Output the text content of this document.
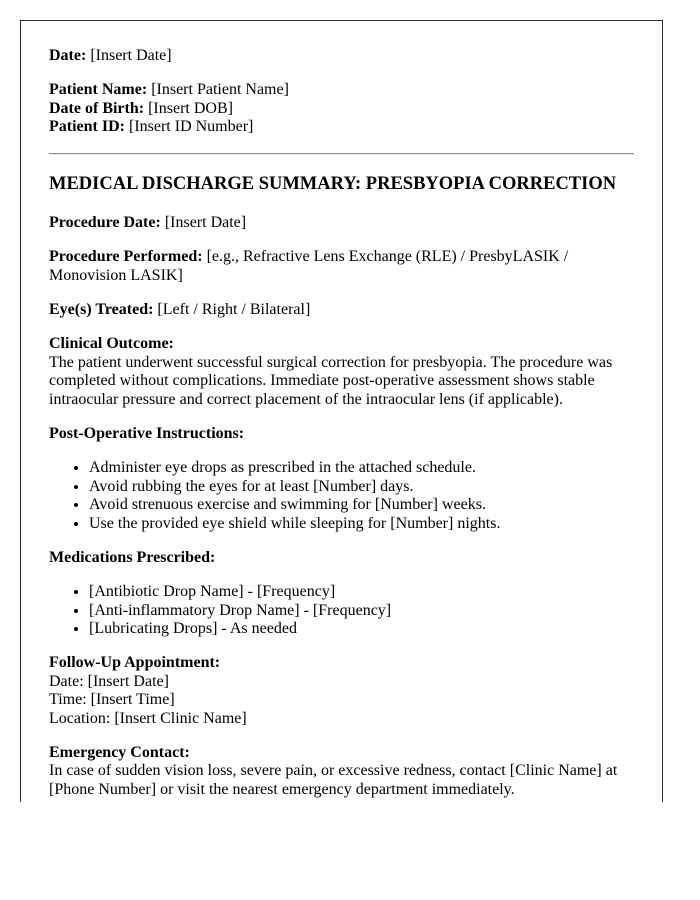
Date: [Insert Date]

Patient Name: [Insert Patient Name]
Date of Birth: [Insert DOB]
Patient ID: [Insert ID Number]

MEDICAL DISCHARGE SUMMARY: PRESBYOPIA CORRECTION

Procedure Date: [Insert Date]

Procedure Performed: [e.g., Refractive Lens Exchange (RLE) / PresbyLASIK / Monovision LASIK]

Eye(s) Treated: [Left / Right / Bilateral]

Clinical Outcome:
The patient underwent successful surgical correction for presbyopia. The procedure was completed without complications. Immediate post-operative assessment shows stable intraocular pressure and correct placement of the intraocular lens (if applicable).

Post-Operative Instructions:

• Administer eye drops as prescribed in the attached schedule.
• Avoid rubbing the eyes for at least [Number] days.
• Avoid strenuous exercise and swimming for [Number] weeks.
• Use the provided eye shield while sleeping for [Number] nights.

Medications Prescribed:

• [Antibiotic Drop Name] - [Frequency]
• [Anti-inflammatory Drop Name] - [Frequency]
• [Lubricating Drops] - As needed

Follow-Up Appointment:
Date: [Insert Date]
Time: [Insert Time]
Location: [Insert Clinic Name]

Emergency Contact:
In case of sudden vision loss, severe pain, or excessive redness, contact [Clinic Name] at [Phone Number] or visit the nearest emergency department immediately.
